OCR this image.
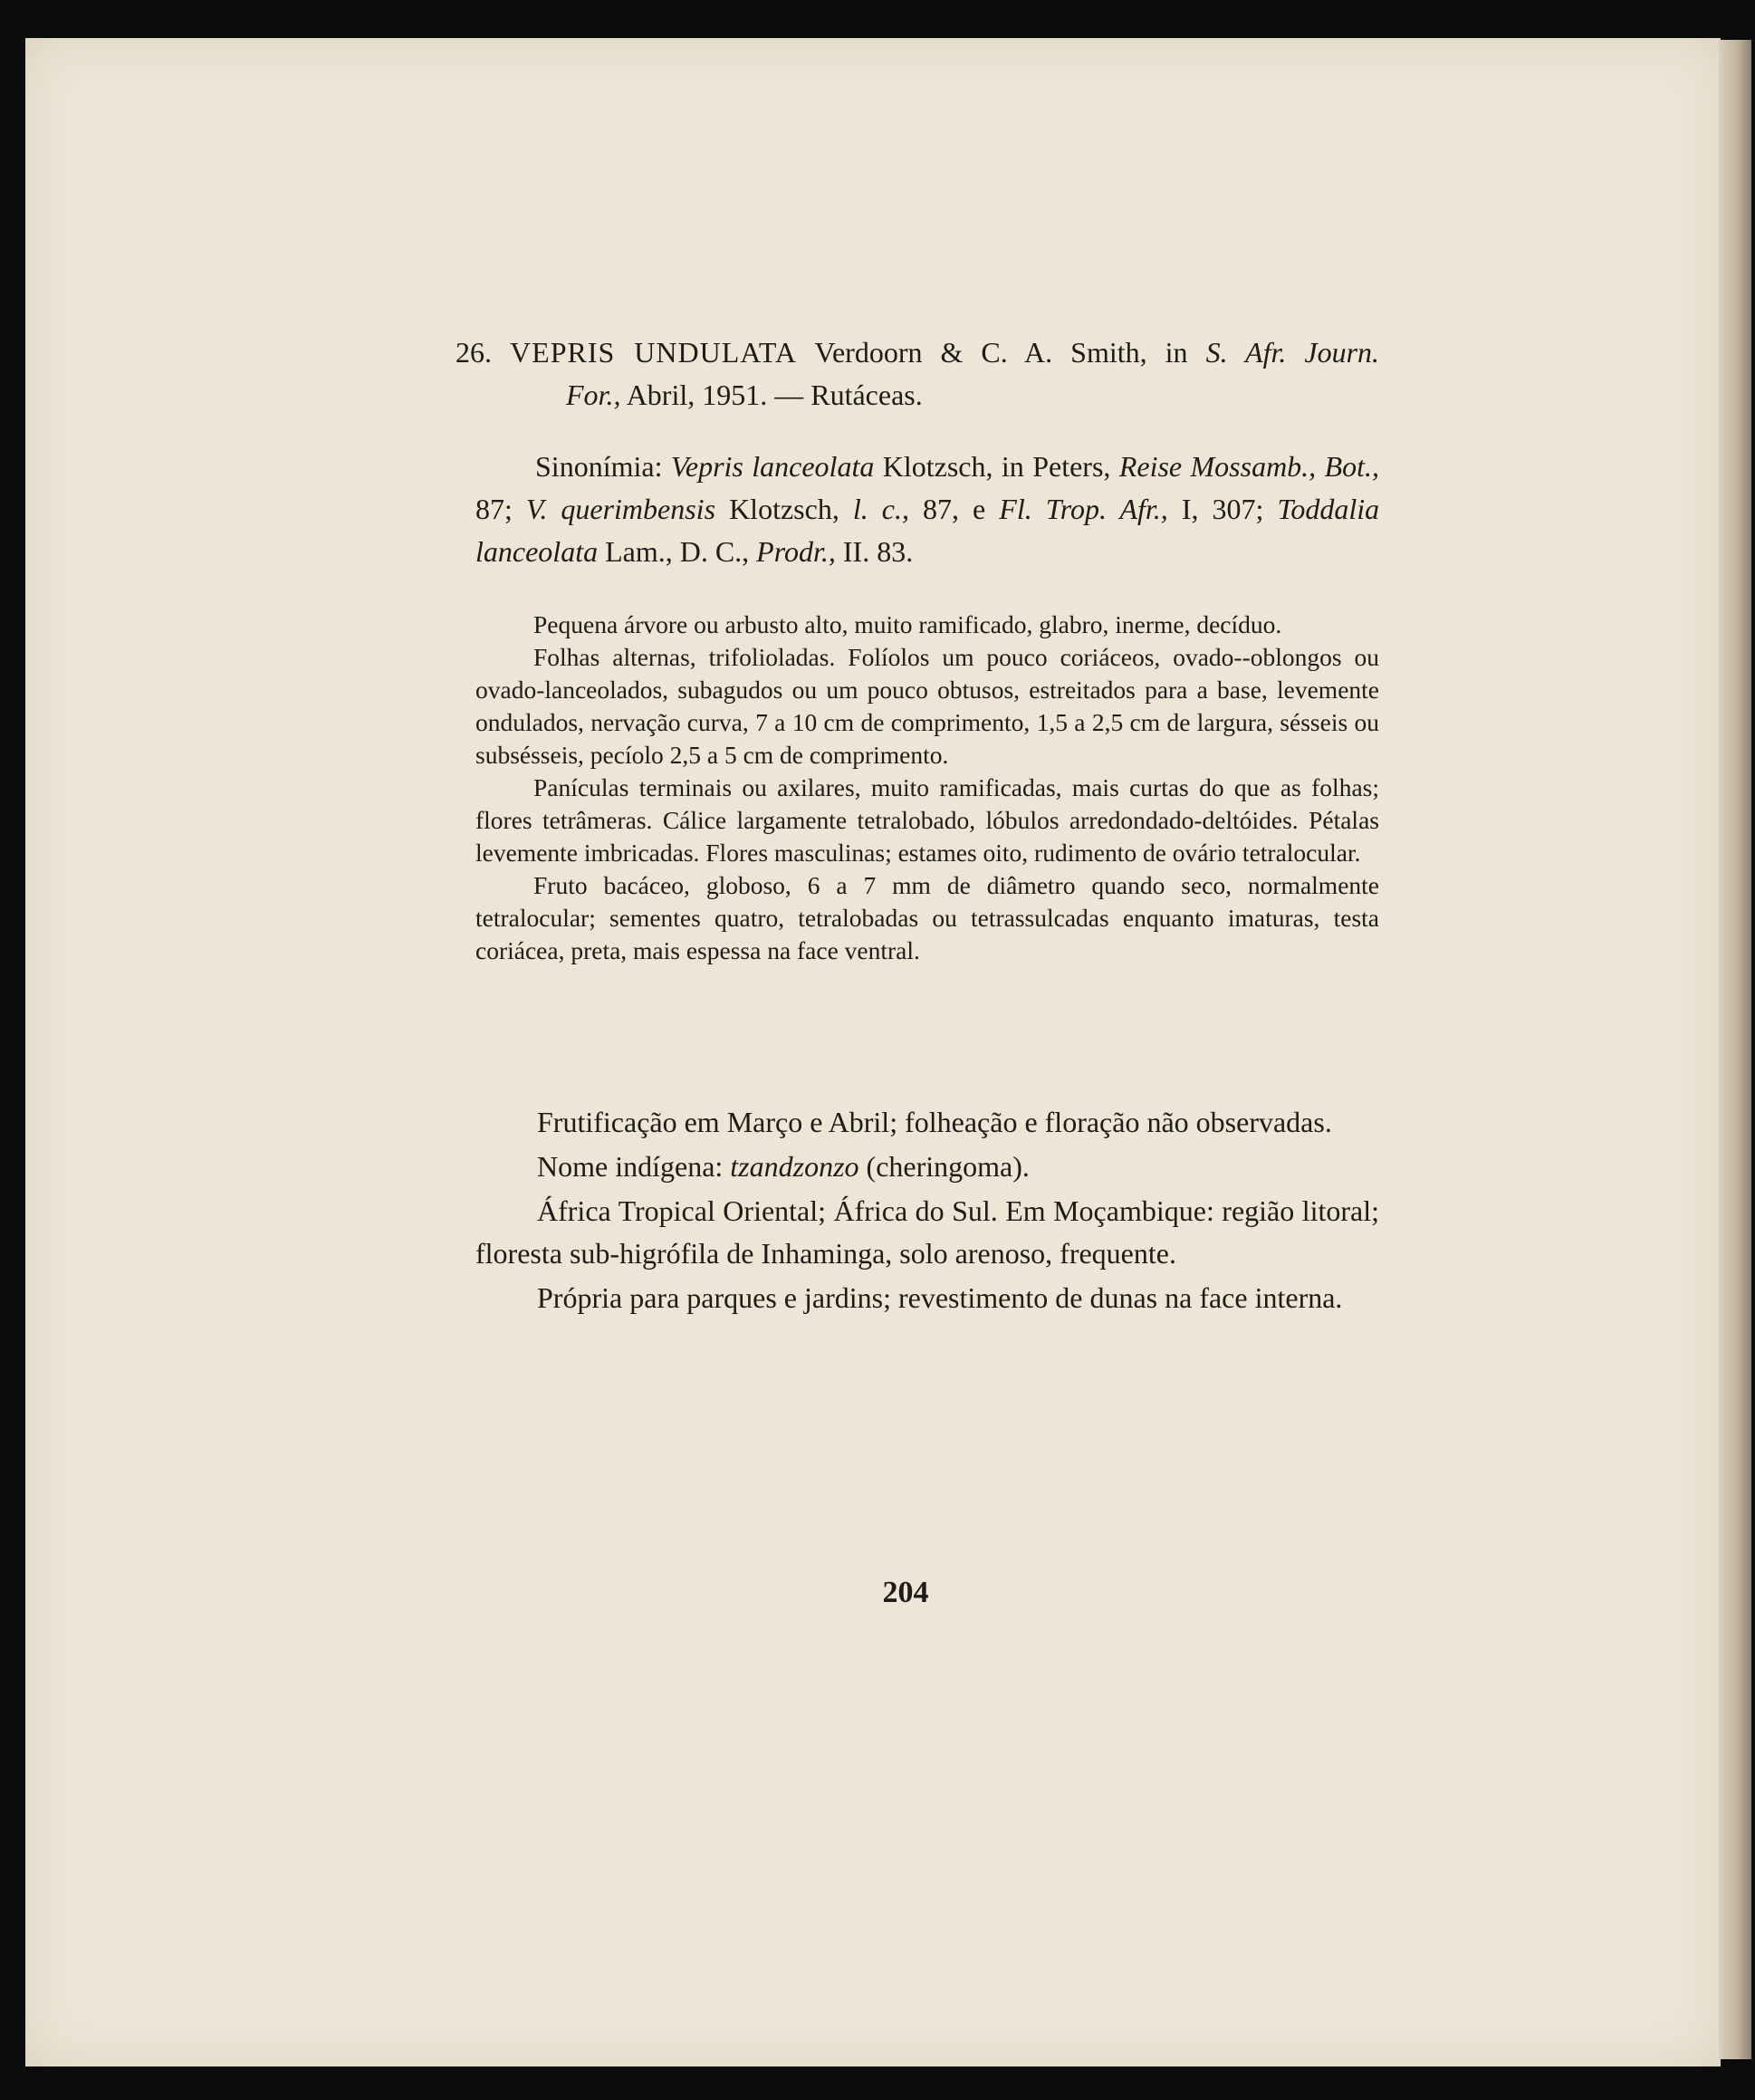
26. VEPRIS UNDULATA Verdoorn & C. A. Smith, in S. Afr. Journ.

For., Abril, 1951. — Rutáceas.

Sinonímia: Vepris lanceolata Klotzsch, in Peters, Reise Mossamb., Bot., 87; V. querimbensis Klotzsch, l. c., 87, e Fl. Trop. Afr., I, 307; Toddalia lanceolata Lam., D. C., Prodr., II. 83.

Pequena árvore ou arbusto alto, muito ramificado, glabro, inerme, decíduo.

Folhas alternas, trifolioladas. Folíolos um pouco coriáceos, ovado--oblongos ou ovado-lanceolados, subagudos ou um pouco obtusos, estreitados para a base, levemente ondulados, nervação curva, 7 a 10 cm de comprimento, 1,5 a 2,5 cm de largura, sésseis ou subsésseis, pecíolo 2,5 a 5 cm de comprimento.

Panículas terminais ou axilares, muito ramificadas, mais curtas do que as folhas; flores tetrâmeras. Cálice largamente tetralobado, lóbulos arredondado-deltóides. Pétalas levemente imbricadas. Flores masculinas; estames oito, rudimento de ovário tetralocular.

Fruto bacáceo, globoso, 6 a 7 mm de diâmetro quando seco, normalmente tetralocular; sementes quatro, tetralobadas ou tetrassulcadas enquanto imaturas, testa coriácea, preta, mais espessa na face ventral.

Frutificação em Março e Abril; folheação e floração não observadas.

Nome indígena: tzandzonzo (cheringoma).

África Tropical Oriental; África do Sul. Em Moçambique: região litoral; floresta sub-higrófila de Inhaminga, solo arenoso, frequente.

Própria para parques e jardins; revestimento de dunas na face interna.

204
